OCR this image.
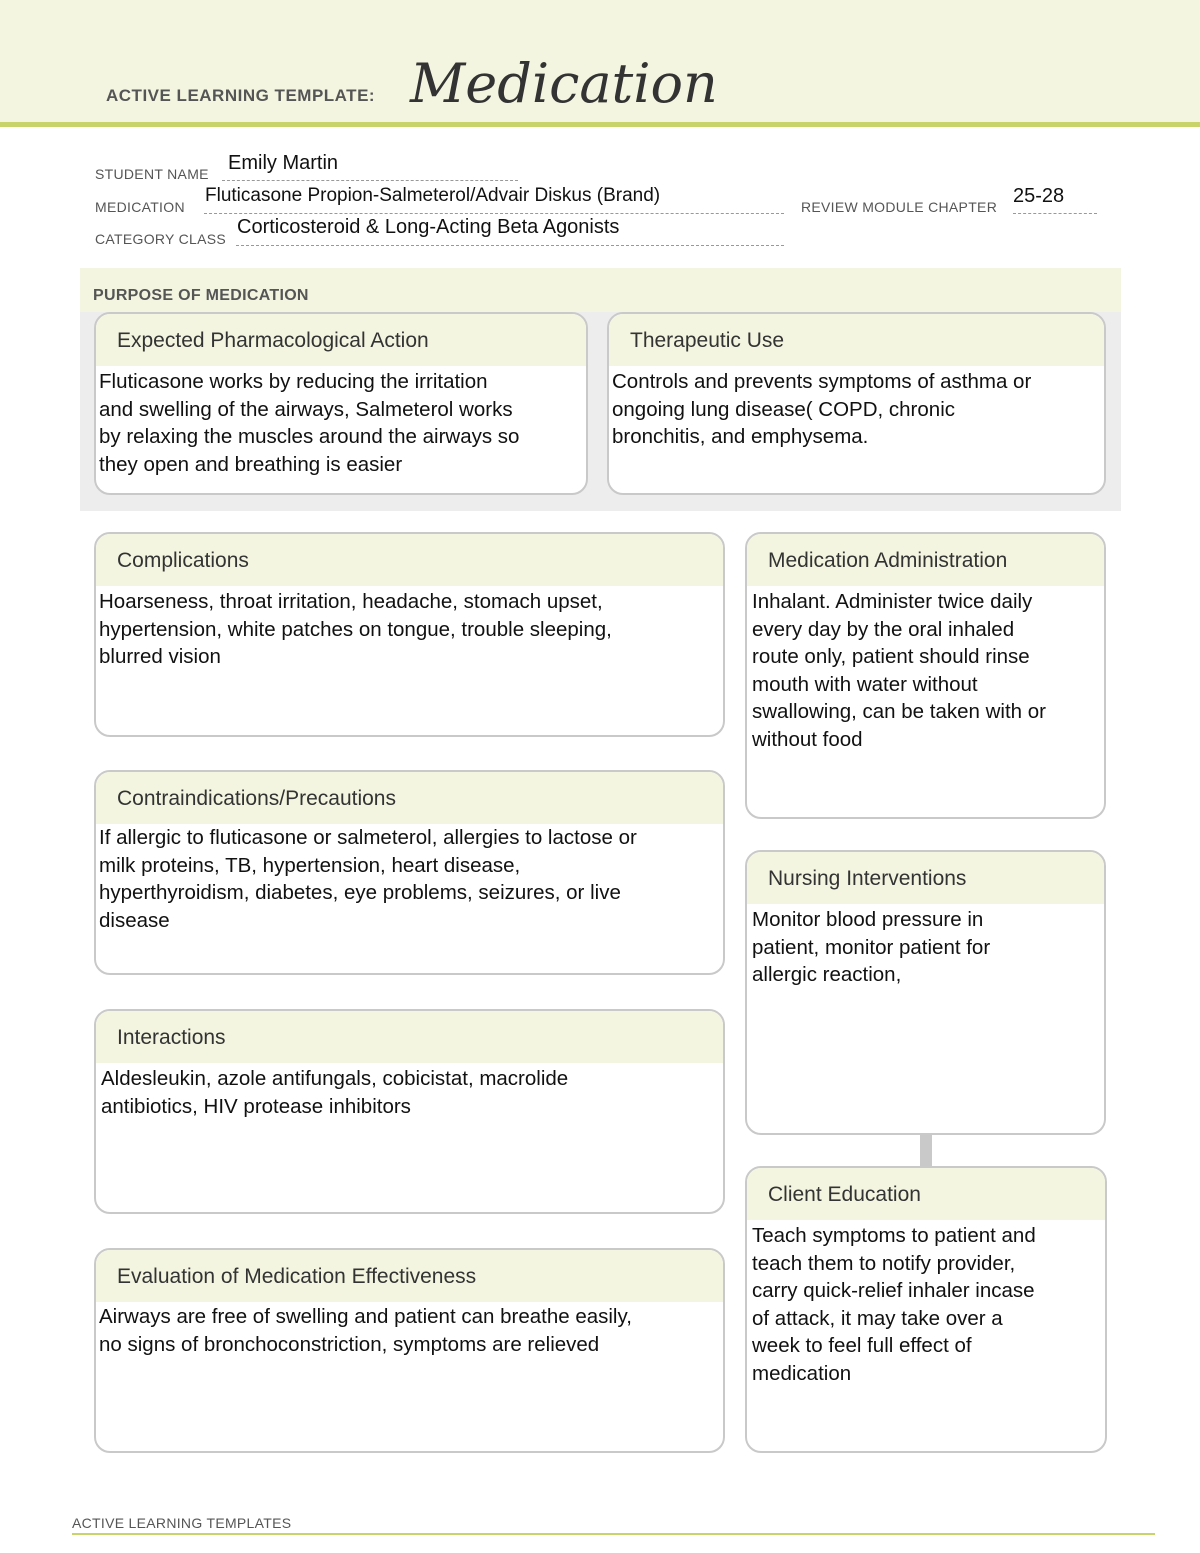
ACTIVE LEARNING TEMPLATE: Medication
STUDENT NAME Emily Martin
MEDICATION
Fluticasone Propion-Salmeterol/Advair Diskus (Brand)
REVIEW MODULE CHAPTER 25-28
CATEGORY CLASS
Corticosteroid & Long-Acting Beta Agonists
PURPOSE OF MEDICATION
Expected Pharmacological Action
Fluticasone works by reducing the irritation
and swelling of the airways, Salmeterol works
by relaxing the muscles around the airways so
they open and breathing is easier
Therapeutic Use
Controls and prevents symptoms of asthma or
ongoing lung disease( COPD, chronic
bronchitis, and emphysema.
Complications
Hoarseness, throat irritation, headache, stomach upset,
hypertension, white patches on tongue, trouble sleeping,
blurred vision
Contraindications/Precautions
If allergic to fluticasone or salmeterol, allergies to lactose or
milk proteins, TB, hypertension, heart disease,
hyperthyroidism, diabetes, eye problems, seizures, or live
disease
Interactions
Aldesleukin, azole antifungals, cobicistat, macrolide
antibiotics, HIV protease inhibitors
Evaluation of Medication Effectiveness
Airways are free of swelling and patient can breathe easily,
no signs of bronchoconstriction, symptoms are relieved
Medication Administration
Inhalant. Administer twice daily
every day by the oral inhaled
route only, patient should rinse
mouth with water without
swallowing, can be taken with or
without food
Nursing Interventions
Monitor blood pressure in
patient, monitor patient for
allergic reaction,
Client Education
Teach symptoms to patient and
teach them to notify provider,
carry quick-relief inhaler incase
of attack, it may take over a
week to feel full effect of
medication
ACTIVE LEARNING TEMPLATES
